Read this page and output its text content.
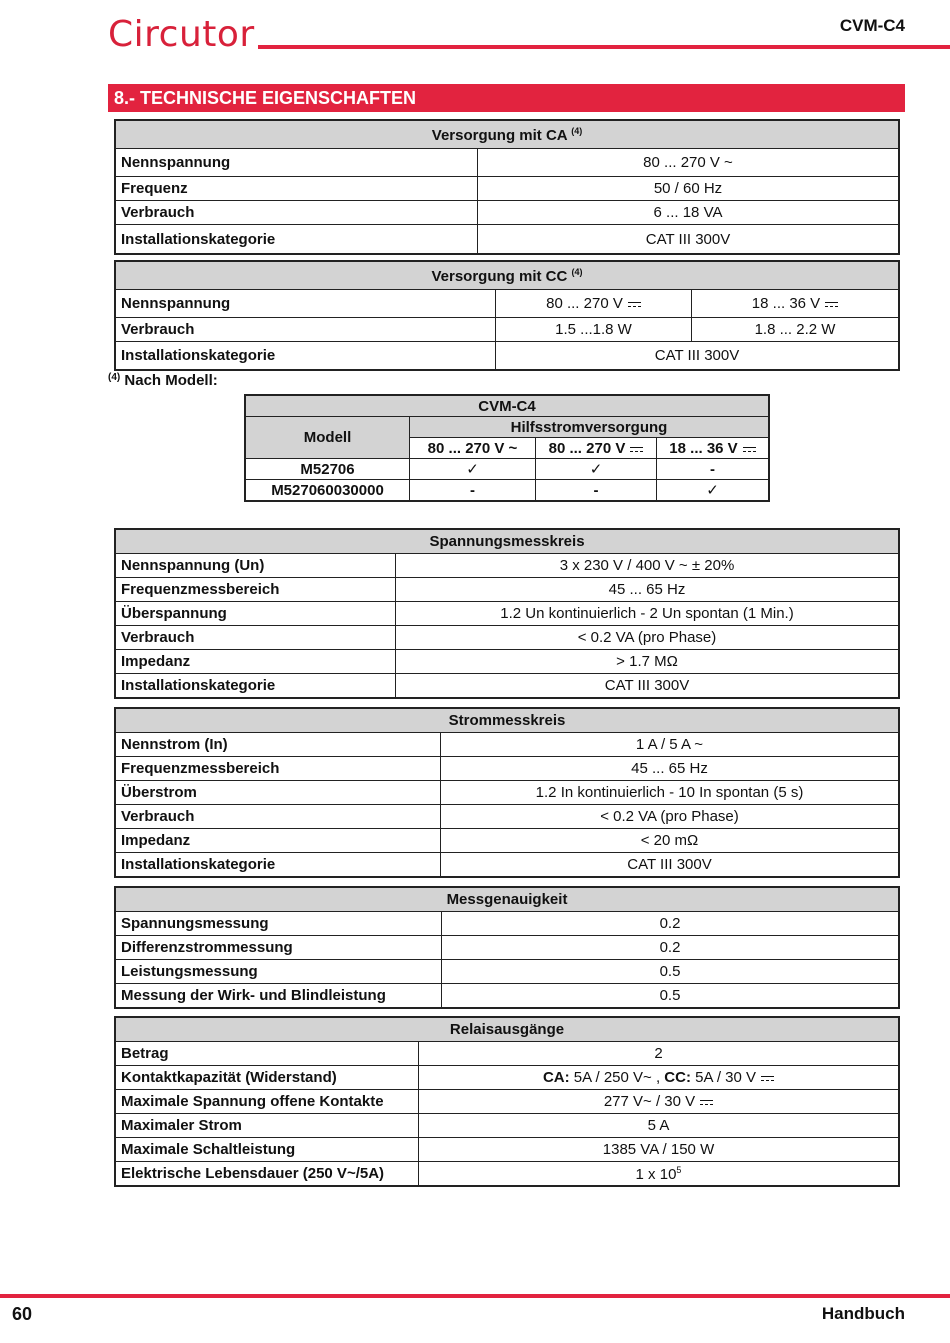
Circutor	CVM-C4
8.- TECHNISCHE EIGENSCHAFTEN
Versorgung mit CA $^{(4)}$
Nennspannung	80 ... 270 V ~
Frequenz	50 / 60 Hz
Verbrauch	6 ... 18 VA
Installationskategorie	CAT III 300V
Versorgung mit CC $^{(4)}$
Nennspannung	80 ... 270 V	18 ... 36 V
Verbrauch	1.5 ...1.8 W	1.8 ... 2.2 W
Installationskategorie	CAT III 300V	
$^{(4)}$ Nach Modell:
CVM-C4			
Modell	Hilfsstromversorgung		
	80 ... 270 V ~	80 ... 270 V	18 ... 36 V
M52706	✓	✓	-
M527060030000	-	-	✓
Spannungsmesskreis	
Nennspannung (Un)	3 x 230 V / 400 V ~ ± 20%
Frequenzmessbereich	45 ... 65 Hz
Überspannung	1.2 Un kontinuierlich - 2 Un spontan (1 Min.)
Verbrauch	< 0.2 VA (pro Phase)
Impedanz	> 1.7 MΩ
Installationskategorie	CAT III 300V
Strommesskreis	
Nennstrom (In)	1 A / 5 A ~
Frequenzmessbereich	45 ... 65 Hz
Überstrom	1.2 In kontinuierlich - 10 In spontan (5 s)
Verbrauch	< 0.2 VA (pro Phase)
Impedanz	< 20 mΩ
Installationskategorie	CAT III 300V
Messgenauigkeit	
Spannungsmessung	0.2
Differenzstrommessung	0.2
Leistungsmessung	0.5
Messung der Wirk- und Blindleistung	0.5
Relaisausgänge	
Betrag	2
Kontaktkapazität (Widerstand)	CA: 5A / 250 V~ , CC: 5A / 30 V
Maximale Spannung offene Kontakte	277 V~ / 30 V
Maximaler Strom	5 A
Maximale Schaltleistung	1385 VA / 150 W
Elektrische Lebensdauer (250 V~/5A)	1 x $10^5$
60	Handbuch
